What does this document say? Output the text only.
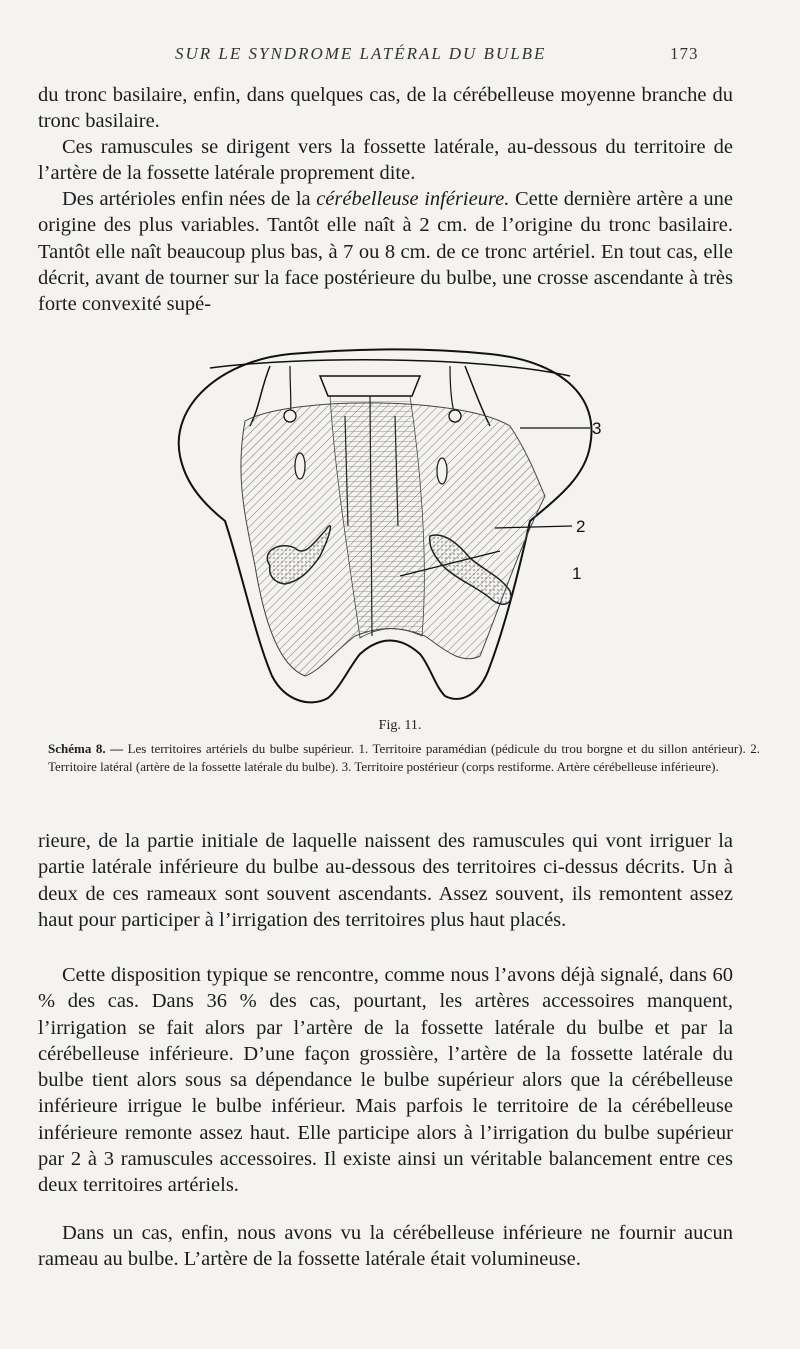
SUR LE SYNDROME LATÉRAL DU BULBE	173

du tronc basilaire, enfin, dans quelques cas, de la cérébelleuse moyenne branche du tronc basilaire.

Ces ramuscules se dirigent vers la fossette latérale, au-dessous du territoire de l’artère de la fossette latérale proprement dite.

Des artérioles enfin nées de la cérébelleuse inférieure. Cette dernière artère a une origine des plus variables. Tantôt elle naît à 2 cm. de l’origine du tronc basilaire. Tantôt elle naît beaucoup plus bas, à 7 ou 8 cm. de ce tronc artériel. En tout cas, elle décrit, avant de tourner sur la face postérieure du bulbe, une crosse ascendante à très forte convexité supé-

3
2
1
Fig. 11.

Schéma 8. — Les territoires artériels du bulbe supérieur. 1. Territoire paramédian (pédicule du trou borgne et du sillon antérieur). 2. Territoire latéral (artère de la fossette latérale du bulbe). 3. Territoire postérieur (corps restiforme. Artère cérébelleuse inférieure).

rieure, de la partie initiale de laquelle naissent des ramuscules qui vont irriguer la partie latérale inférieure du bulbe au-dessous des territoires ci-dessus décrits. Un à deux de ces rameaux sont souvent ascendants. Assez souvent, ils remontent assez haut pour participer à l’irrigation des territoires plus haut placés.

Cette disposition typique se rencontre, comme nous l’avons déjà signalé, dans 60 % des cas. Dans 36 % des cas, pourtant, les artères accessoires manquent, l’irrigation se fait alors par l’artère de la fossette latérale du bulbe et par la cérébelleuse inférieure. D’une façon grossière, l’artère de la fossette latérale du bulbe tient alors sous sa dépendance le bulbe supérieur alors que la cérébelleuse inférieure irrigue le bulbe inférieur. Mais parfois le territoire de la cérébelleuse inférieure remonte assez haut. Elle participe alors à l’irrigation du bulbe supérieur par 2 à 3 ramuscules accessoires. Il existe ainsi un véritable balancement entre ces deux territoires artériels.

Dans un cas, enfin, nous avons vu la cérébelleuse inférieure ne fournir aucun rameau au bulbe. L’artère de la fossette latérale était volumineuse.
